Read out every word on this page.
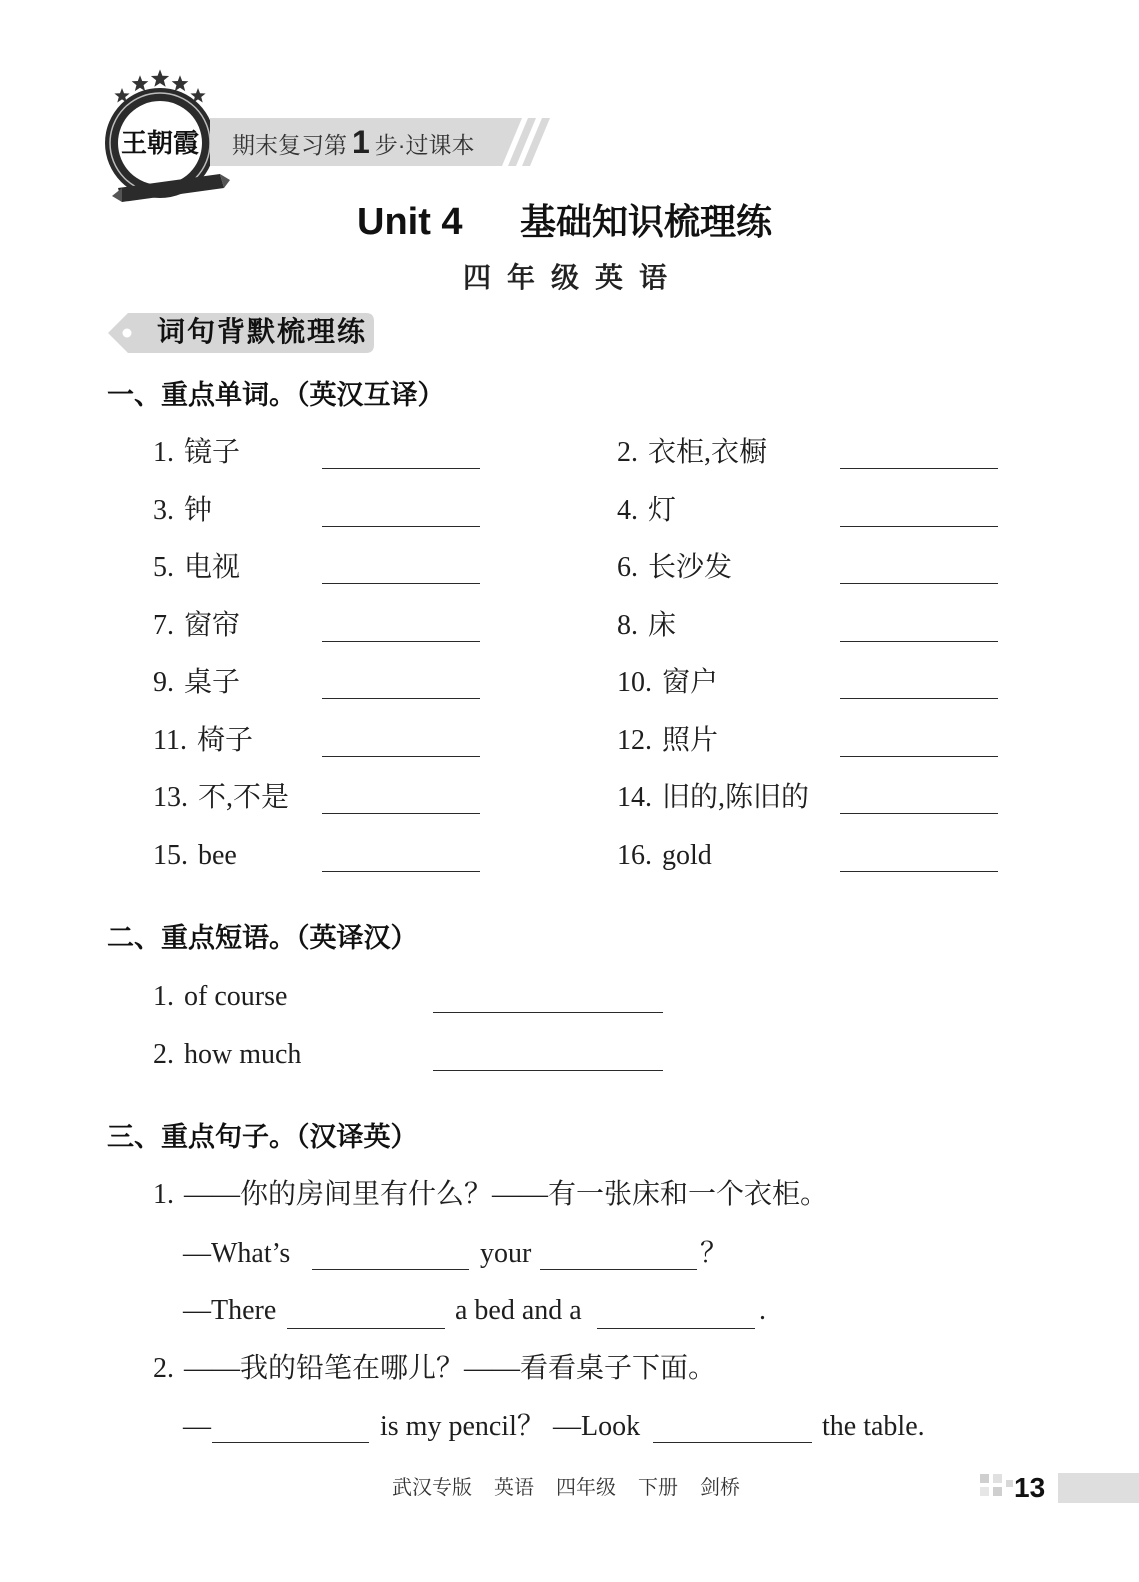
王朝霞 期末复习第 1 步·过课本
Unit 4 基础知识梳理练
四年级英语
词句背默梳理练
一、重点单词。（英汉互译）
1. 镜子	2. 衣柜,衣橱
3. 钟	4. 灯
5. 电视	6. 长沙发
7. 窗帘	8. 床
9. 桌子	10. 窗户
11. 椅子	12. 照片
13. 不,不是	14. 旧的,陈旧的
15. bee	16. gold
二、重点短语。（英译汉）
1. of course
2. how much
三、重点句子。（汉译英）
1. ——你的房间里有什么？——有一张床和一个衣柜。
—What’s	your	？
—There	a bed and a	.
2. ——我的铅笔在哪儿？——看看桌子下面。
—	is my pencil？ —Look	the table.
武汉专版 英语 四年级 下册 剑桥	13
